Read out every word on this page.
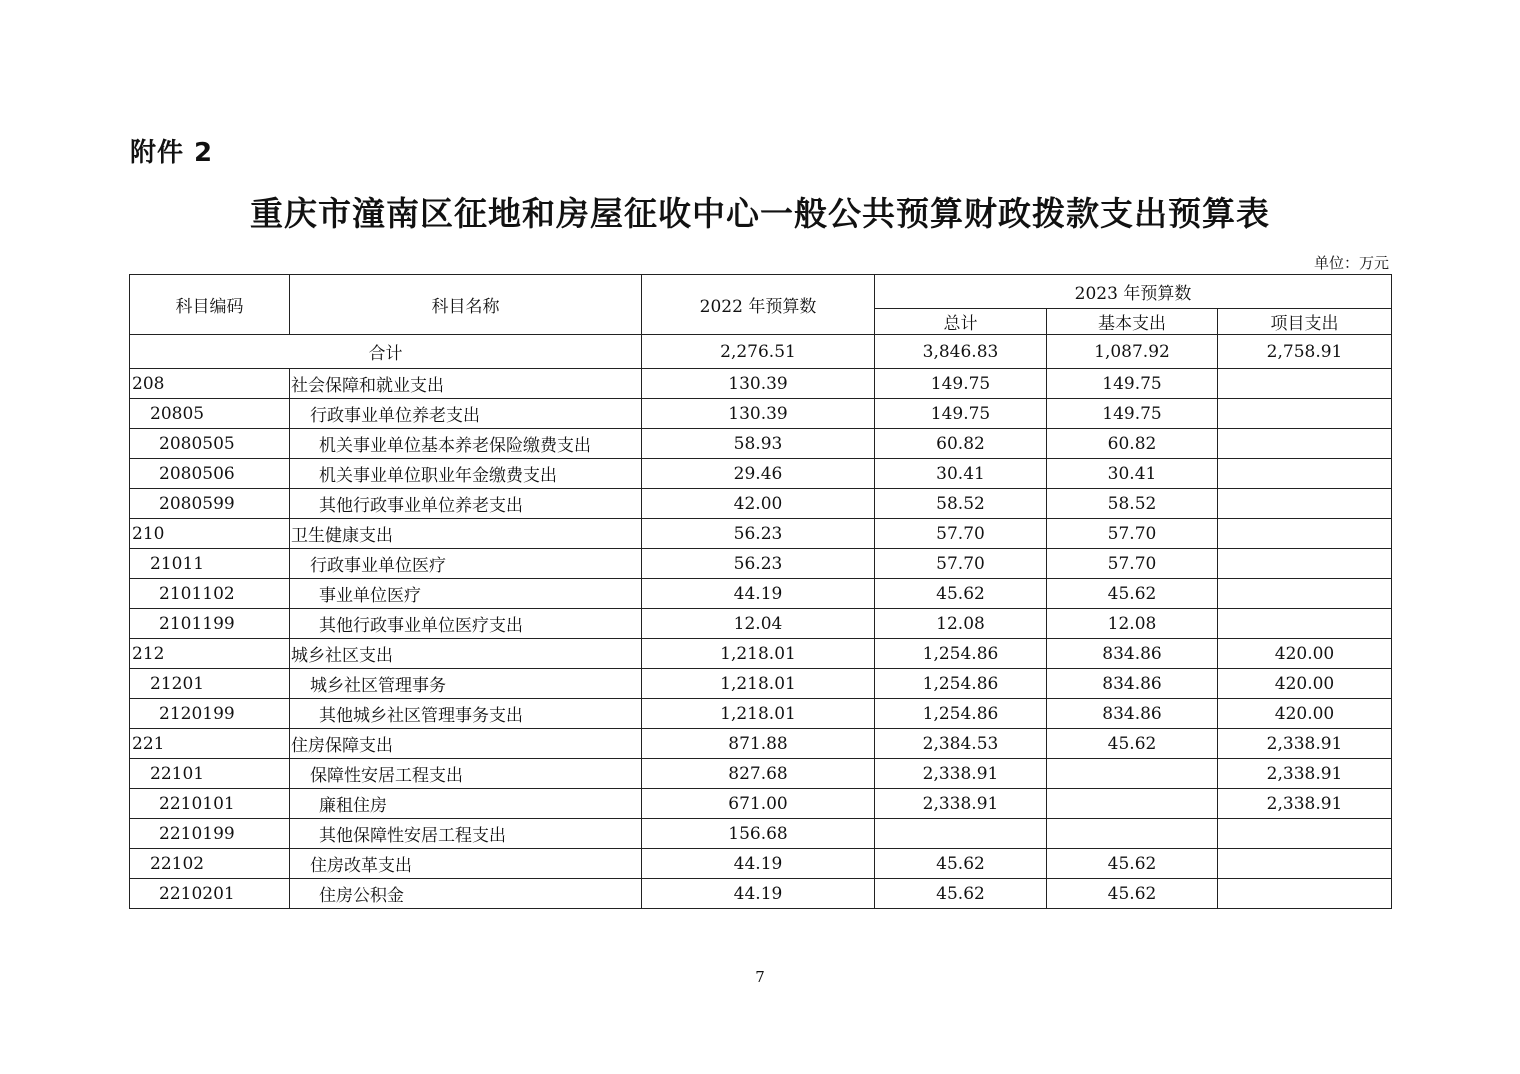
附件 2
重庆市潼南区征地和房屋征收中心一般公共预算财政拨款支出预算表
单位：万元
科目编码	科目名称	2022 年预算数	2023 年预算数		
			总计	基本支出	项目支出
合计		2,276.51	3,846.83	1,087.92	2,758.91
208	社会保障和就业支出	130.39	149.75	149.75	
20805	行政事业单位养老支出	130.39	149.75	149.75	
2080505	机关事业单位基本养老保险缴费支出	58.93	60.82	60.82	
2080506	机关事业单位职业年金缴费支出	29.46	30.41	30.41	
2080599	其他行政事业单位养老支出	42.00	58.52	58.52	
210	卫生健康支出	56.23	57.70	57.70	
21011	行政事业单位医疗	56.23	57.70	57.70	
2101102	事业单位医疗	44.19	45.62	45.62	
2101199	其他行政事业单位医疗支出	12.04	12.08	12.08	
212	城乡社区支出	1,218.01	1,254.86	834.86	420.00
21201	城乡社区管理事务	1,218.01	1,254.86	834.86	420.00
2120199	其他城乡社区管理事务支出	1,218.01	1,254.86	834.86	420.00
221	住房保障支出	871.88	2,384.53	45.62	2,338.91
22101	保障性安居工程支出	827.68	2,338.91		2,338.91
2210101	廉租住房	671.00	2,338.91		2,338.91
2210199	其他保障性安居工程支出	156.68			
22102	住房改革支出	44.19	45.62	45.62	
2210201	住房公积金	44.19	45.62	45.62	
7
